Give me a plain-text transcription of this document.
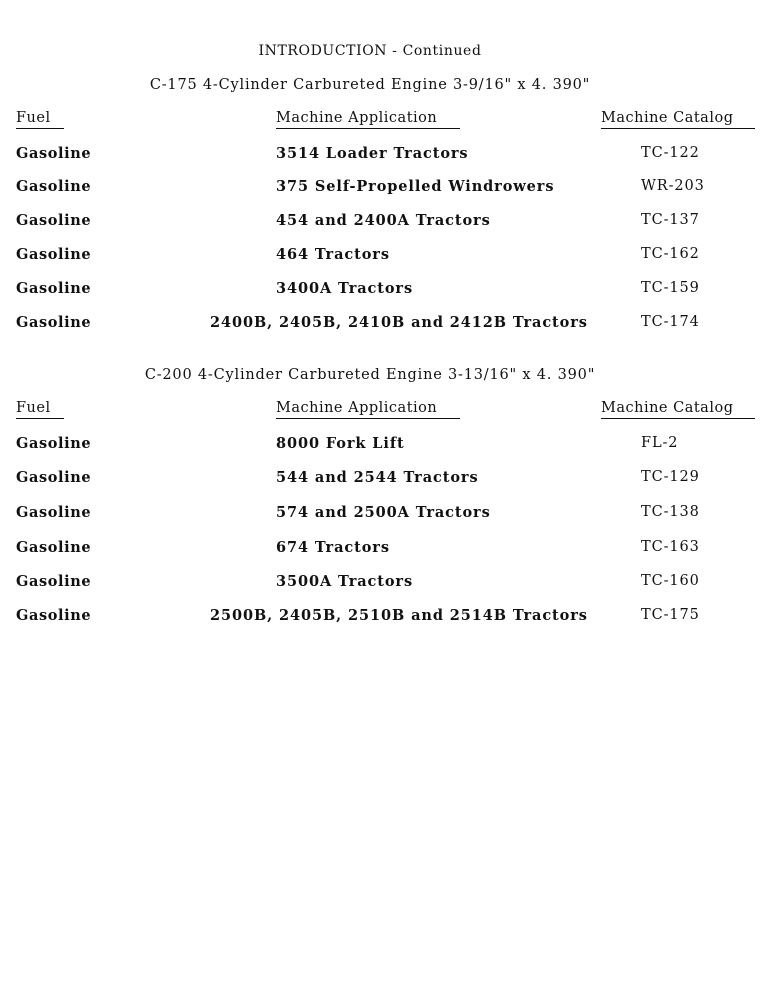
INTRODUCTION - Continued
C-175 4-Cylinder Carbureted Engine 3-9/16" x 4. 390"
Fuel	Machine Application	Machine Catalog
Gasoline	3514 Loader Tractors	TC-122
Gasoline	375 Self-Propelled Windrowers	WR-203
Gasoline	454 and 2400A Tractors	TC-137
Gasoline	464 Tractors	TC-162
Gasoline	3400A Tractors	TC-159
Gasoline	2400B, 2405B, 2410B and 2412B Tractors	TC-174
C-200 4-Cylinder Carbureted Engine 3-13/16" x 4. 390"
Fuel	Machine Application	Machine Catalog
Gasoline	8000 Fork Lift	FL-2
Gasoline	544 and 2544 Tractors	TC-129
Gasoline	574 and 2500A Tractors	TC-138
Gasoline	674 Tractors	TC-163
Gasoline	3500A Tractors	TC-160
Gasoline	2500B, 2405B, 2510B and 2514B Tractors	TC-175
